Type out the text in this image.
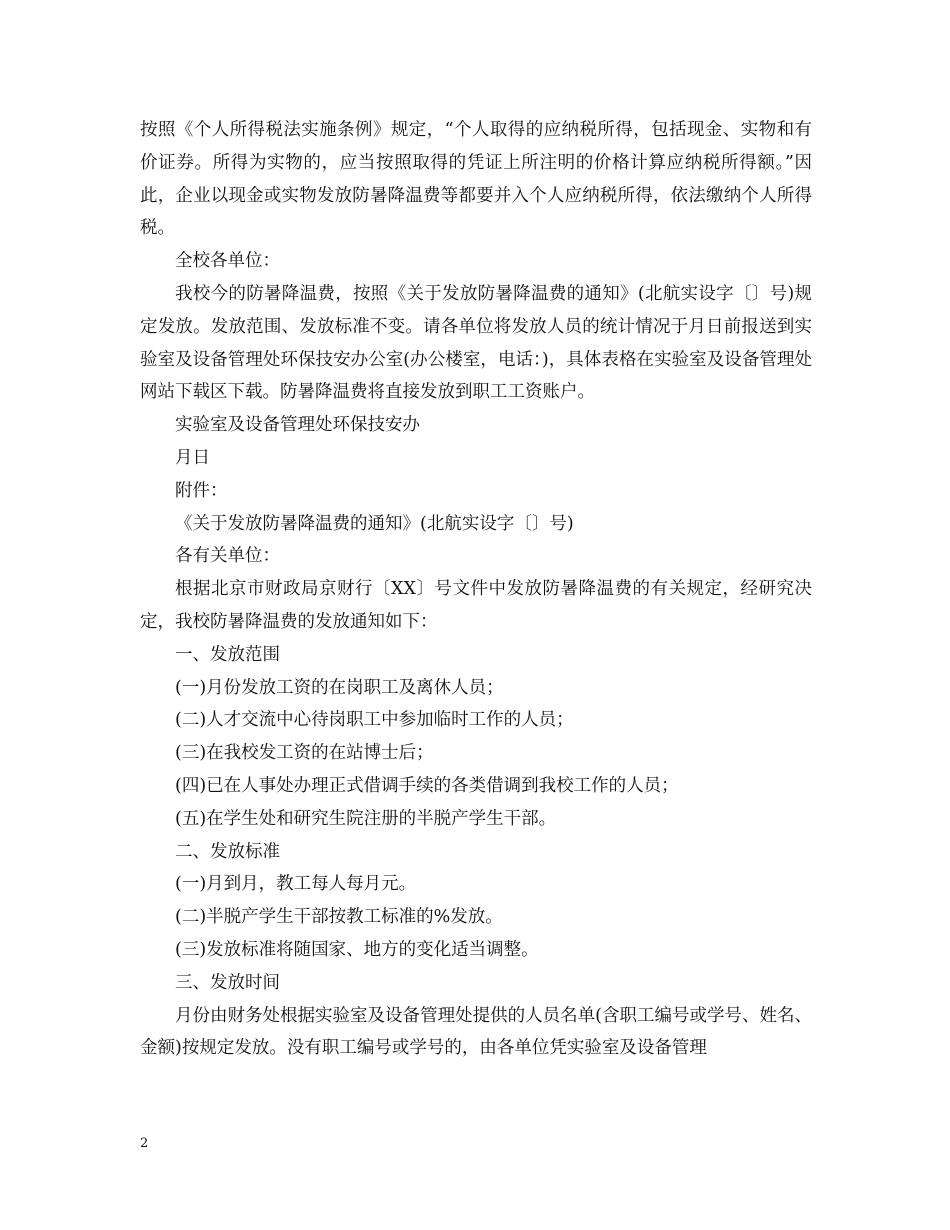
按照《个人所得税法实施条例》规定，“个人取得的应纳税所得，包括现金、实物和有价证券。所得为实物的，应当按照取得的凭证上所注明的价格计算应纳税所得额。”因此，企业以现金或实物发放防暑降温费等都要并入个人应纳税所得，依法缴纳个人所得税。

全校各单位：

我校今的防暑降温费，按照《关于发放防暑降温费的通知》(北航实设字〔〕号)规定发放。发放范围、发放标准不变。请各单位将发放人员的统计情况于月日前报送到实验室及设备管理处环保技安办公室(办公楼室，电话：)，具体表格在实验室及设备管理处网站下载区下载。防暑降温费将直接发放到职工工资账户。

实验室及设备管理处环保技安办

月日

附件：

《关于发放防暑降温费的通知》(北航实设字〔〕号)

各有关单位：

根据北京市财政局京财行〔XX〕号文件中发放防暑降温费的有关规定，经研究决定，我校防暑降温费的发放通知如下：

一、发放范围

(一)月份发放工资的在岗职工及离休人员；

(二)人才交流中心待岗职工中参加临时工作的人员；

(三)在我校发工资的在站博士后；

(四)已在人事处办理正式借调手续的各类借调到我校工作的人员；

(五)在学生处和研究生院注册的半脱产学生干部。

二、发放标准

(一)月到月，教工每人每月元。

(二)半脱产学生干部按教工标准的%发放。

(三)发放标准将随国家、地方的变化适当调整。

三、发放时间

月份由财务处根据实验室及设备管理处提供的人员名单(含职工编号或学号、姓名、金额)按规定发放。没有职工编号或学号的，由各单位凭实验室及设备管理

2
